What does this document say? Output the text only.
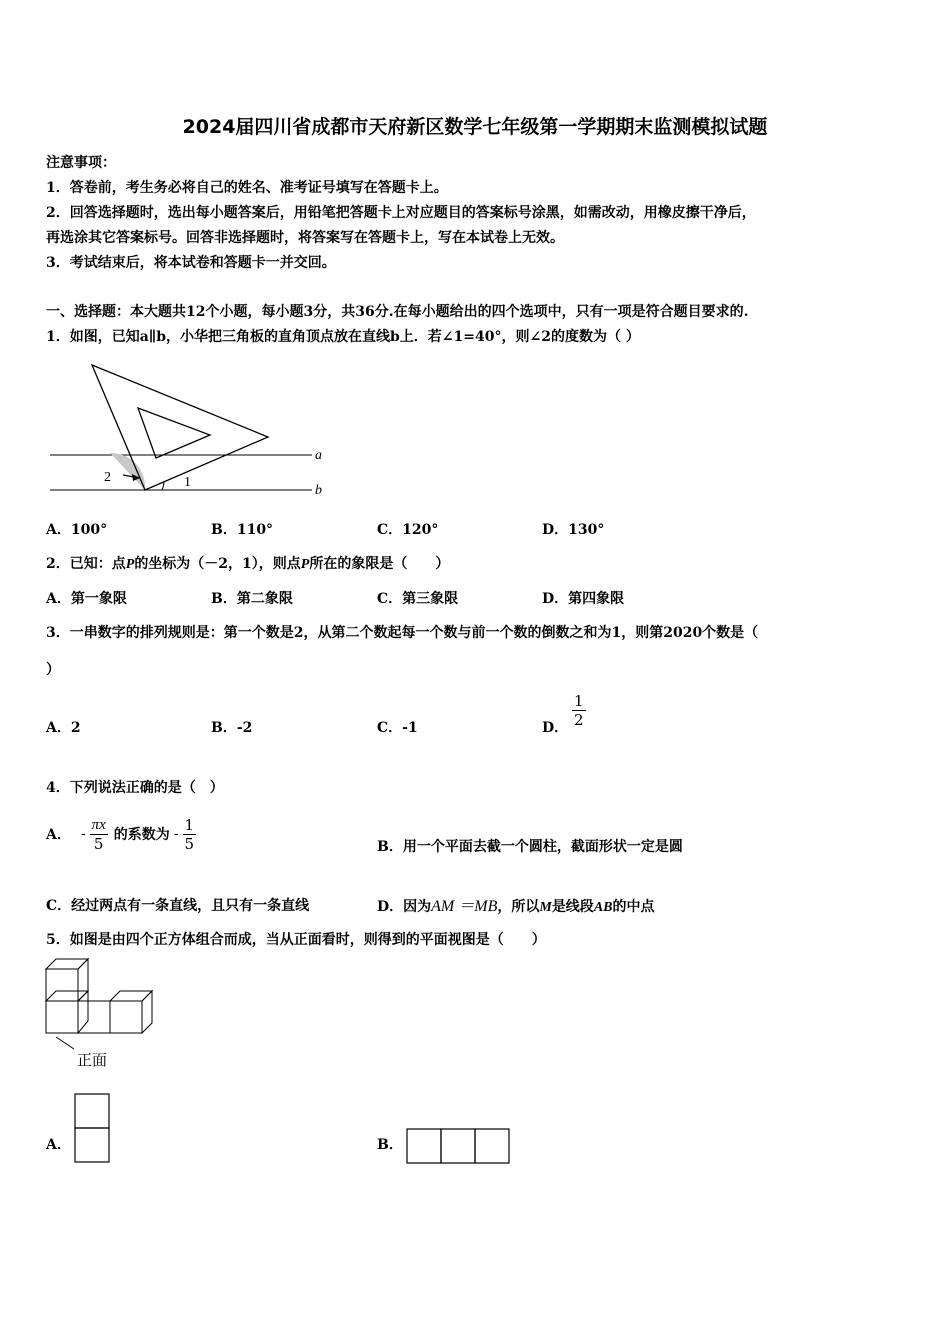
2024届四川省成都市天府新区数学七年级第一学期期末监测模拟试题
注意事项：
1．答卷前，考生务必将自己的姓名、准考证号填写在答题卡上。
2．回答选择题时，选出每小题答案后，用铅笔把答题卡上对应题目的答案标号涂黑，如需改动，用橡皮擦干净后，
再选涂其它答案标号。回答非选择题时，将答案写在答题卡上，写在本试卷上无效。
3．考试结束后，将本试卷和答题卡一并交回。
一、选择题：本大题共12个小题，每小题3分，共36分.在每小题给出的四个选项中，只有一项是符合题目要求的.
1．如图，已知a∥b，小华把三角板的直角顶点放在直线b上．若∠1=40°，则∠2的度数为（ ）
a
b
1
2
A．100°	B．110°	C．120°	D．130°
2．已知：点P的坐标为（－2，1），则点P所在的象限是（　　）
A．第一象限	B．第二象限	C．第三象限	D．第四象限
3．一串数字的排列规则是：第一个数是2，从第二个数起每一个数与前一个数的倒数之和为1，则第2020个数是（
）
A．2	B．-2	C．-1	D． $\frac{1}{2}$
4．下列说法正确的是（　）
A． - $\frac{\pi x}{5}$ 的系数为 - $\frac{1}{5}$	B．用一个平面去截一个圆柱，截面形状一定是圆
C．经过两点有一条直线，且只有一条直线	D．因为AM ＝MB，所以M是线段AB的中点
5．如图是由四个正方体组合而成，当从正面看时，则得到的平面视图是（　　）
正面
A．	B．
